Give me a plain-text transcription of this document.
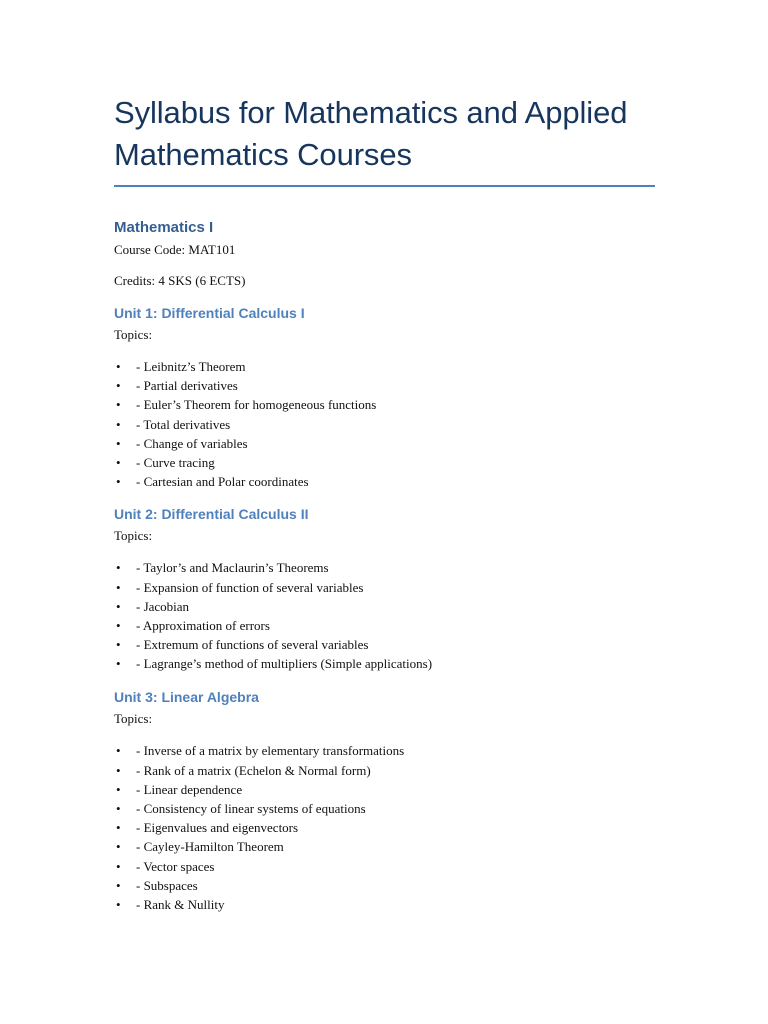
Syllabus for Mathematics and Applied Mathematics Courses
Mathematics I

Course Code: MAT101

Credits: 4 SKS (6 ECTS)

Unit 1: Differential Calculus I

Topics:

• - Leibnitz’s Theorem
• - Partial derivatives
• - Euler’s Theorem for homogeneous functions
• - Total derivatives
• - Change of variables
• - Curve tracing
• - Cartesian and Polar coordinates
Unit 2: Differential Calculus II

Topics:

• - Taylor’s and Maclaurin’s Theorems
• - Expansion of function of several variables
• - Jacobian
• - Approximation of errors
• - Extremum of functions of several variables
• - Lagrange’s method of multipliers (Simple applications)
Unit 3: Linear Algebra

Topics:

• - Inverse of a matrix by elementary transformations
• - Rank of a matrix (Echelon & Normal form)
• - Linear dependence
• - Consistency of linear systems of equations
• - Eigenvalues and eigenvectors
• - Cayley-Hamilton Theorem
• - Vector spaces
• - Subspaces
• - Rank & Nullity
